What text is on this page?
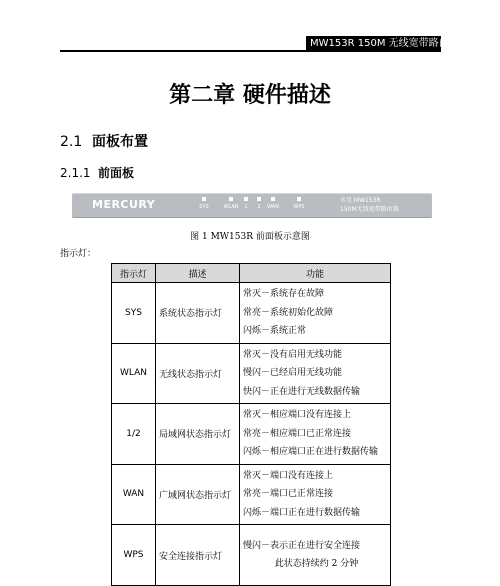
MW153R 150M 无线宽带路由器
第二章 硬件描述
2.1 面板布置
2.1.1 前面板
MERCURY	SYS	WLAN	1	2	WAN	WPS
水星 MW153R
150M无线宽带路由器
图 1 MW153R 前面板示意图
指示灯：
指示灯	描述	功能
SYS	系统状态指示灯	常灭－系统存在故障
常亮－系统初始化故障
闪烁－系统正常

WLAN	无线状态指示灯	常灭－没有启用无线功能
慢闪－已经启用无线功能
快闪－正在进行无线数据传输

1/2	局域网状态指示灯	常灭－相应端口没有连接上
常亮－相应端口已正常连接
闪烁－相应端口正在进行数据传输

WAN	广域网状态指示灯	常灭－端口没有连接上
常亮－端口已正常连接
闪烁－端口正在进行数据传输

WPS	安全连接指示灯	慢闪－表示正在进行安全连接
此状态持续约 2 分钟
